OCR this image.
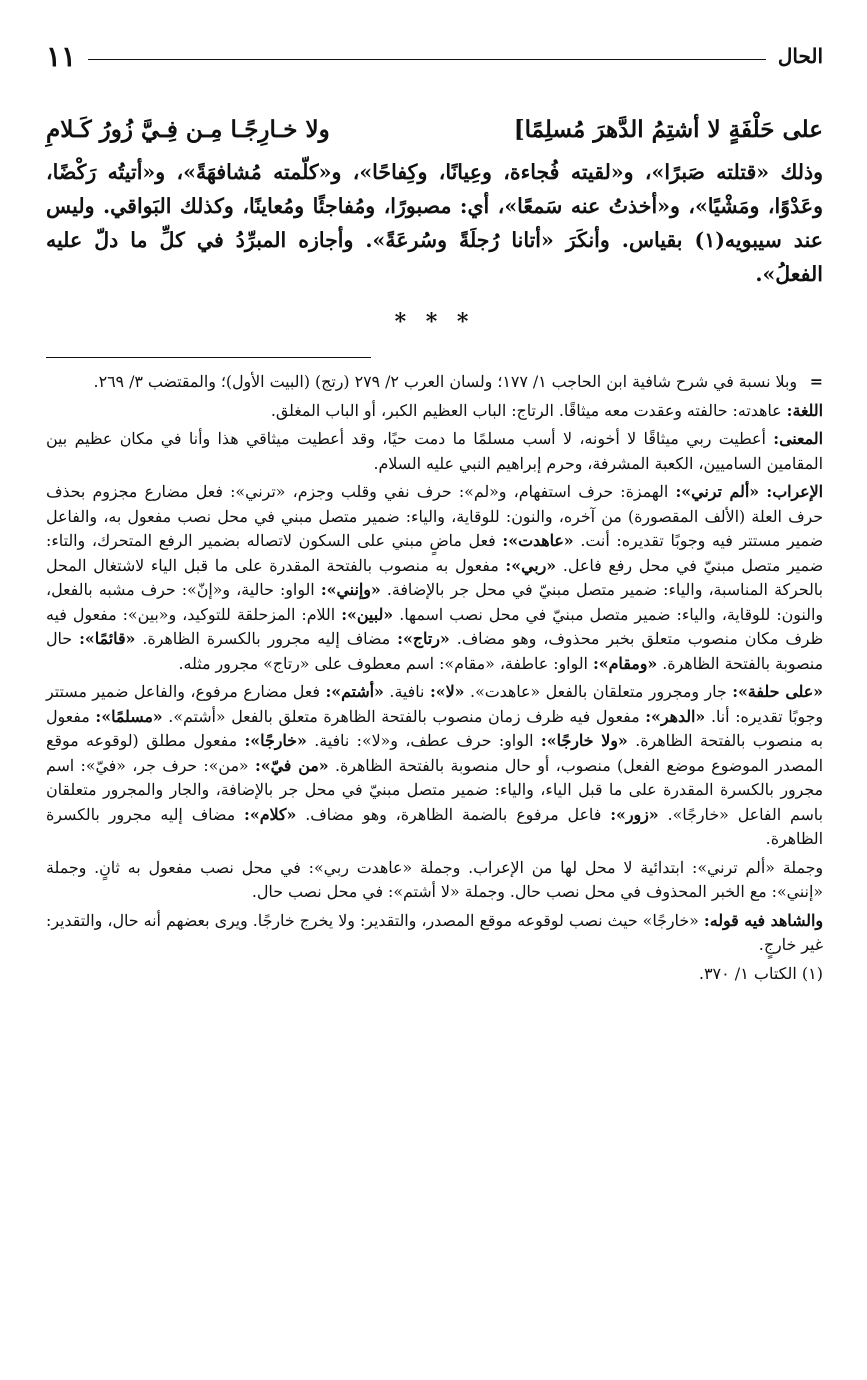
الحال
١١
على حَلْفَةٍ لا أشتِمُ الدَّهرَ مُسلِمًا]
ولا خـارِجًـا مِـن فِـيَّ زُورُ كَـلامِ
وذلك «قتلته صَبرًا»، و«لقيته فُجاءة، وعِيانًا، وكِفاحًا»، و«كلّمته مُشافهَةً»، و«أتيتُه رَكْضًا، وعَدْوًا، ومَشْيًا»، و«أخذتُ عنه سَمعًا»، أي: مصبورًا، ومُفاجئًا ومُعاينًا، وكذلك البَواقي. وليس عند سيبويه(١) بقياس. وأنكَرَ «أتانا رُجلَةً وسُرعَةً». وأجازه المبرِّدُ في كلِّ ما دلّ عليه الفعلُ».
* * *

=
وبلا نسبة في شرح شافية ابن الحاجب ١/ ١٧٧؛ ولسان العرب ٢/ ٢٧٩ (رتج) (البيت الأول)؛ والمقتضب ٣/ ٢٦٩.

اللغة: عاهدته: حالفته وعقدت معه ميثاقًا. الرتاج: الباب العظيم الكبر، أو الباب المغلق.

المعنى: أعطيت ربي ميثاقًا لا أخونه، لا أسب مسلمًا ما دمت حيًا، وقد أعطيت ميثاقي هذا وأنا في مكان عظيم بين المقامين الساميين، الكعبة المشرفة، وحرم إبراهيم النبي عليه السلام.

الإعراب: «ألم ترني»: الهمزة: حرف استفهام، و«لم»: حرف نفي وقلب وجزم، «ترني»: فعل مضارع مجزوم بحذف حرف العلة (الألف المقصورة) من آخره، والنون: للوقاية، والياء: ضمير متصل مبني في محل نصب مفعول به، والفاعل ضمير مستتر فيه وجوبًا تقديره: أنت. «عاهدت»: فعل ماضٍ مبني على السكون لاتصاله بضمير الرفع المتحرك، والتاء: ضمير متصل مبنيّ في محل رفع فاعل. «ربي»: مفعول به منصوب بالفتحة المقدرة على ما قبل الياء لاشتغال المحل بالحركة المناسبة، والياء: ضمير متصل مبنيّ في محل جر بالإضافة. «وإنني»: الواو: حالية، و«إنّ»: حرف مشبه بالفعل، والنون: للوقاية، والياء: ضمير متصل مبنيّ في محل نصب اسمها. «لبين»: اللام: المزحلقة للتوكيد، و«بين»: مفعول فيه ظرف مكان منصوب متعلق بخبر محذوف، وهو مضاف. «رتاج»: مضاف إليه مجرور بالكسرة الظاهرة. «قائمًا»: حال منصوبة بالفتحة الظاهرة. «ومقام»: الواو: عاطفة، «مقام»: اسم معطوف على «رتاج» مجرور مثله.

«على حلفة»: جار ومجرور متعلقان بالفعل «عاهدت». «لا»: نافية. «أشتم»: فعل مضارع مرفوع، والفاعل ضمير مستتر وجوبًا تقديره: أنا. «الدهر»: مفعول فيه ظرف زمان منصوب بالفتحة الظاهرة متعلق بالفعل «أشتم». «مسلمًا»: مفعول به منصوب بالفتحة الظاهرة. «ولا خارجًا»: الواو: حرف عطف، و«لا»: نافية. «خارجًا»: مفعول مطلق (لوقوعه موقع المصدر الموضوع موضع الفعل) منصوب، أو حال منصوبة بالفتحة الظاهرة. «من فيّ»: «من»: حرف جر، «فيّ»: اسم مجرور بالكسرة المقدرة على ما قبل الياء، والياء: ضمير متصل مبنيّ في محل جر بالإضافة، والجار والمجرور متعلقان باسم الفاعل «خارجًا». «زور»: فاعل مرفوع بالضمة الظاهرة، وهو مضاف. «كلام»: مضاف إليه مجرور بالكسرة الظاهرة.

وجملة «ألم ترني»: ابتدائية لا محل لها من الإعراب. وجملة «عاهدت ربي»: في محل نصب مفعول به ثانٍ. وجملة «إنني»: مع الخبر المحذوف في محل نصب حال. وجملة «لا أشتم»: في محل نصب حال.

والشاهد فيه قوله: «خارجًا» حيث نصب لوقوعه موقع المصدر، والتقدير: ولا يخرج خارجًا. ويرى بعضهم أنه حال، والتقدير: غير خارجٍ.

(١) الكتاب ١/ ٣٧٠.
